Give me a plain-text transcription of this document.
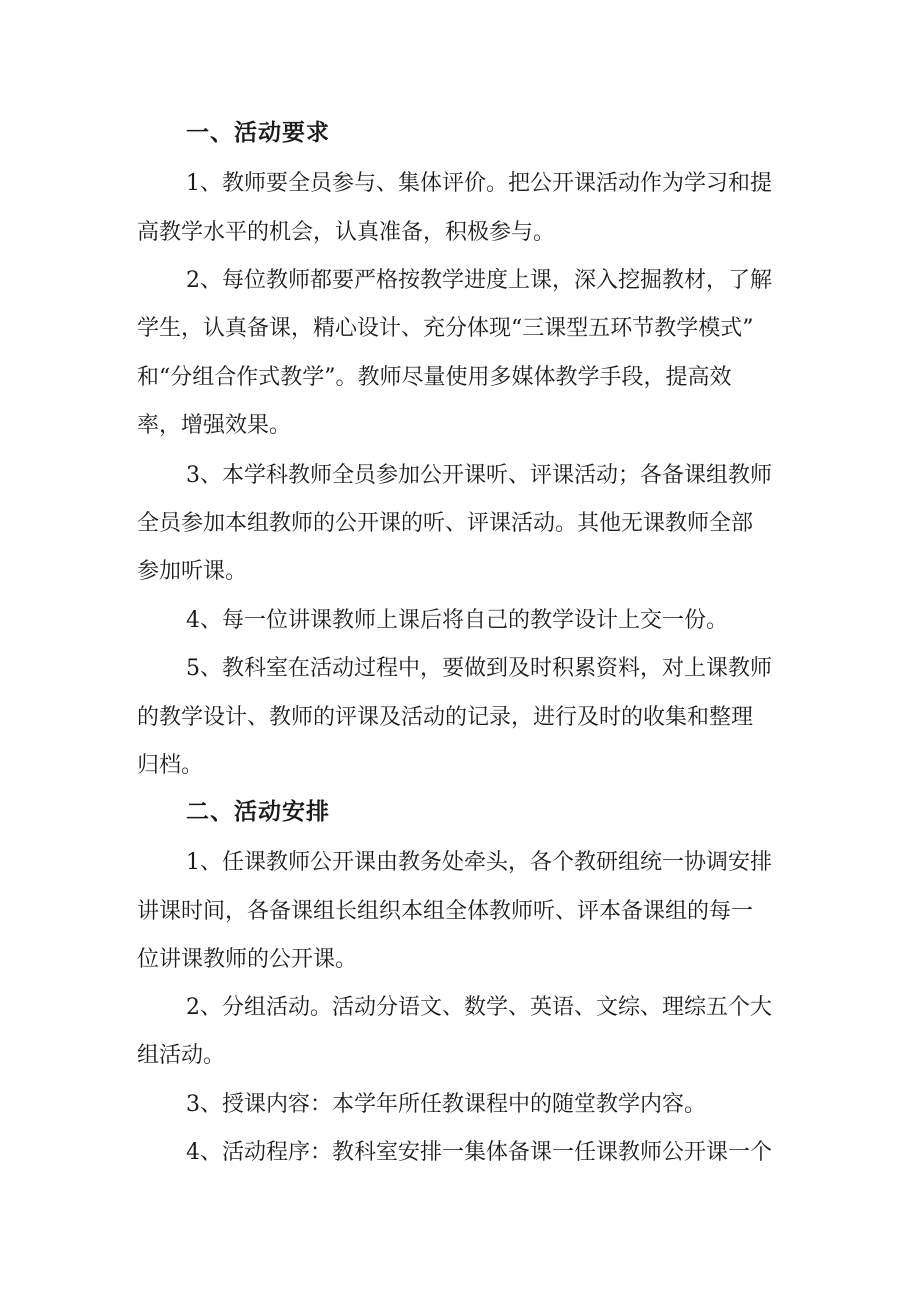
一、活动要求
1、教师要全员参与、集体评价。把公开课活动作为学习和提
高教学水平的机会，认真准备，积极参与。
2、每位教师都要严格按教学进度上课，深入挖掘教材，了解
学生，认真备课，精心设计、充分体现“三课型五环节教学模式”
和“分组合作式教学”。教师尽量使用多媒体教学手段，提高效
率，增强效果。
3、本学科教师全员参加公开课听、评课活动；各备课组教师
全员参加本组教师的公开课的听、评课活动。其他无课教师全部
参加听课。
4、每一位讲课教师上课后将自己的教学设计上交一份。
5、教科室在活动过程中，要做到及时积累资料，对上课教师
的教学设计、教师的评课及活动的记录，进行及时的收集和整理
归档。
二、活动安排
1、任课教师公开课由教务处牵头，各个教研组统一协调安排
讲课时间，各备课组长组织本组全体教师听、评本备课组的每一
位讲课教师的公开课。
2、分组活动。活动分语文、数学、英语、文综、理综五个大
组活动。
3、授课内容：本学年所任教课程中的随堂教学内容。
4、活动程序：教科室安排一集体备课一任课教师公开课一个
